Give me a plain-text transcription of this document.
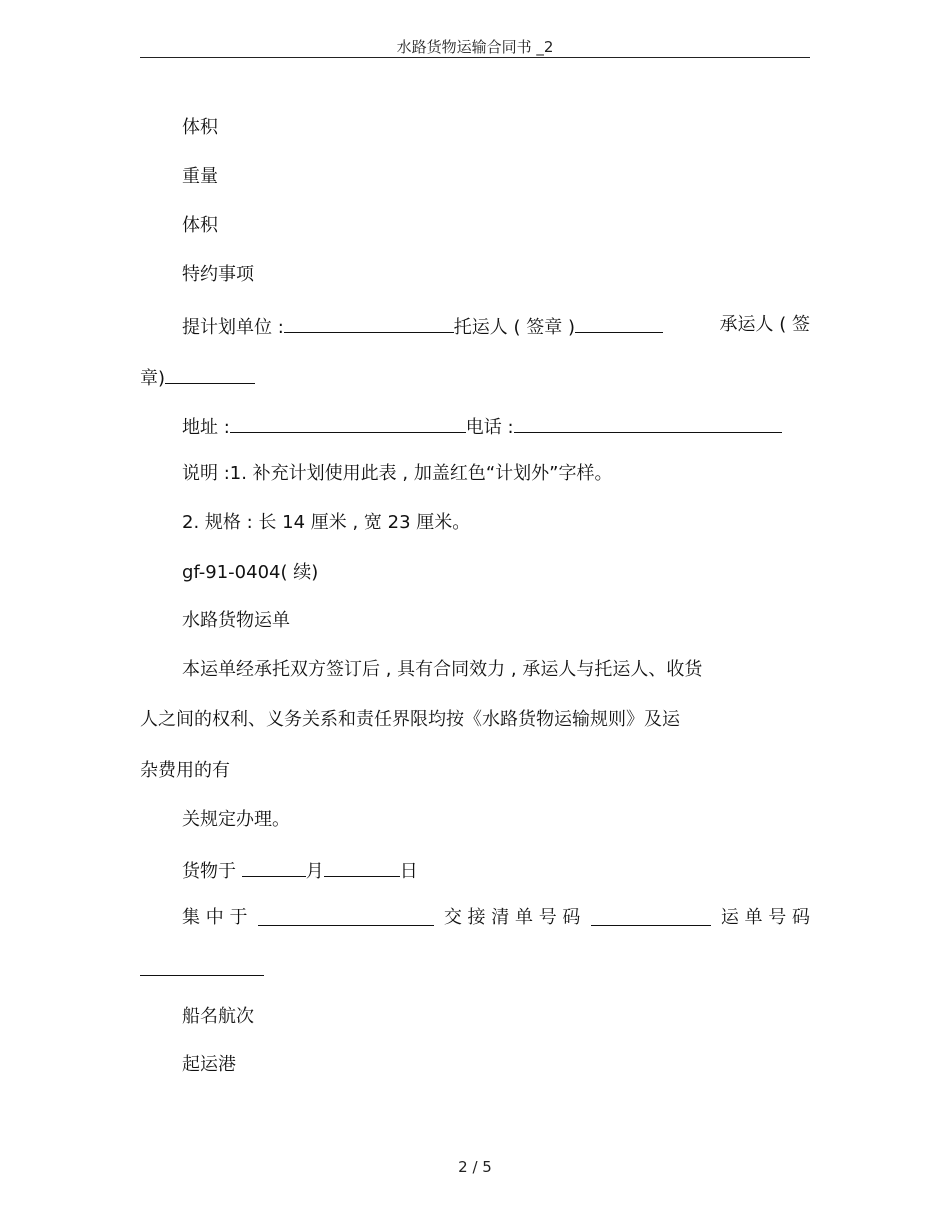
水路货物运输合同书 _2
体积
重量
体积
特约事项
提计划单位 :	托运人 ( 签章 )	承运人 ( 签
章)
地址 :	电话 :
说明 :1. 补充计划使用此表 , 加盖红色“计划外”字样。
2. 规格 : 长 14 厘米 , 宽 23 厘米。
gf-91-0404( 续)
水路货物运单
本运单经承托双方签订后 , 具有合同效力 , 承运人与托运人、收货
人之间的权利、义务关系和责任界限均按《水路货物运输规则》及运
杂费用的有
关规定办理。
货物于	月	日
集 中 于	交 接 清 单 号 码	运 单 号 码
船名航次
起运港
2 / 5
